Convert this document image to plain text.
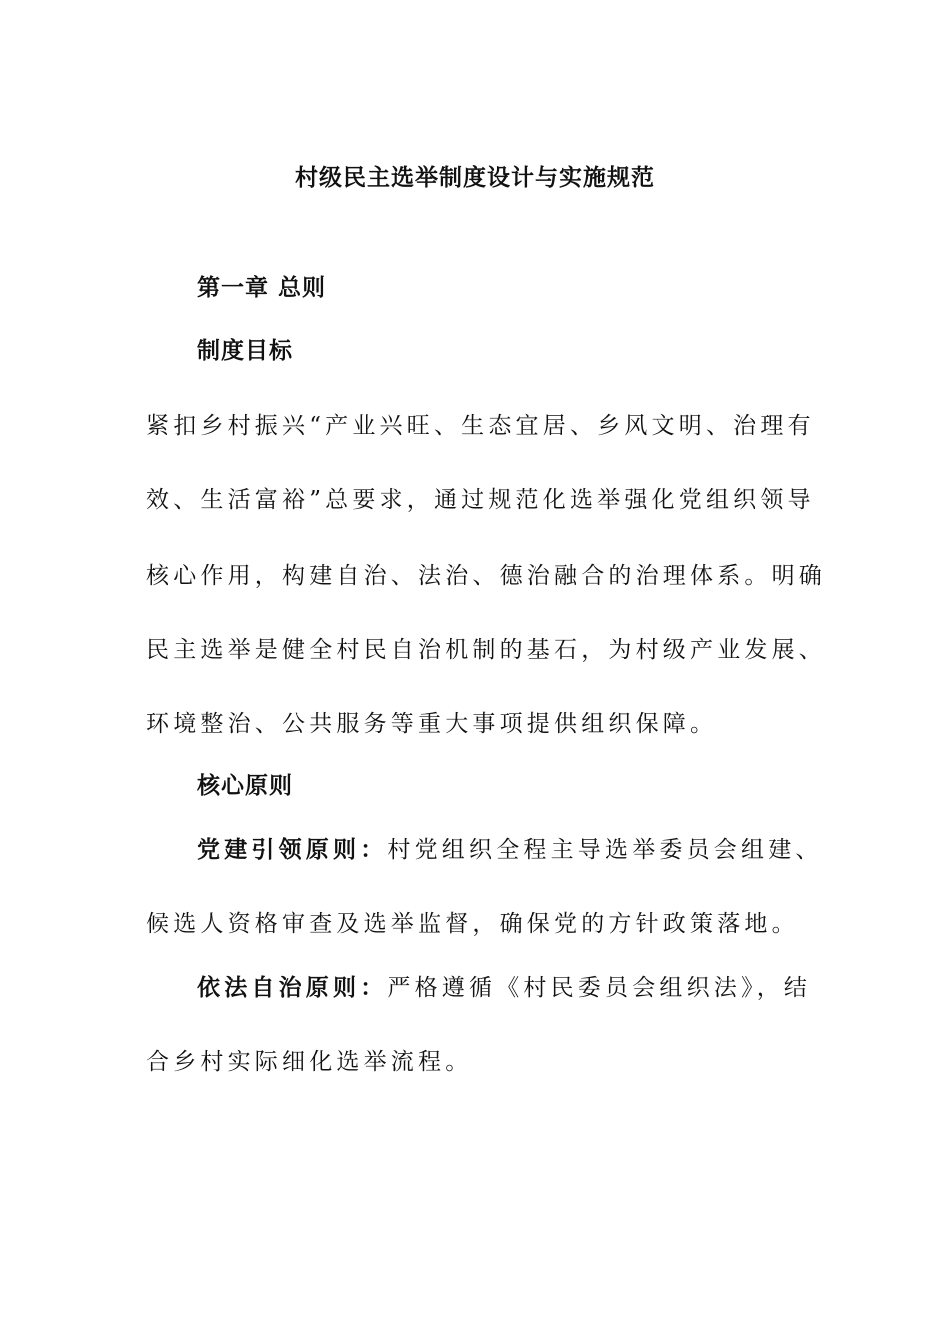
村级民主选举制度设计与实施规范
第一章 总则
制度目标

紧扣乡村振兴“产业兴旺、生态宜居、乡风文明、治理有

效、生活富裕”总要求，通过规范化选举强化党组织领导

核心作用，构建自治、法治、德治融合的治理体系。明确

民主选举是健全村民自治机制的基石，为村级产业发展、

环境整治、公共服务等重大事项提供组织保障。

核心原则

党建引领原则：村党组织全程主导选举委员会组建、

候选人资格审查及选举监督，确保党的方针政策落地。

依法自治原则：严格遵循《村民委员会组织法》，结

合乡村实际细化选举流程。
